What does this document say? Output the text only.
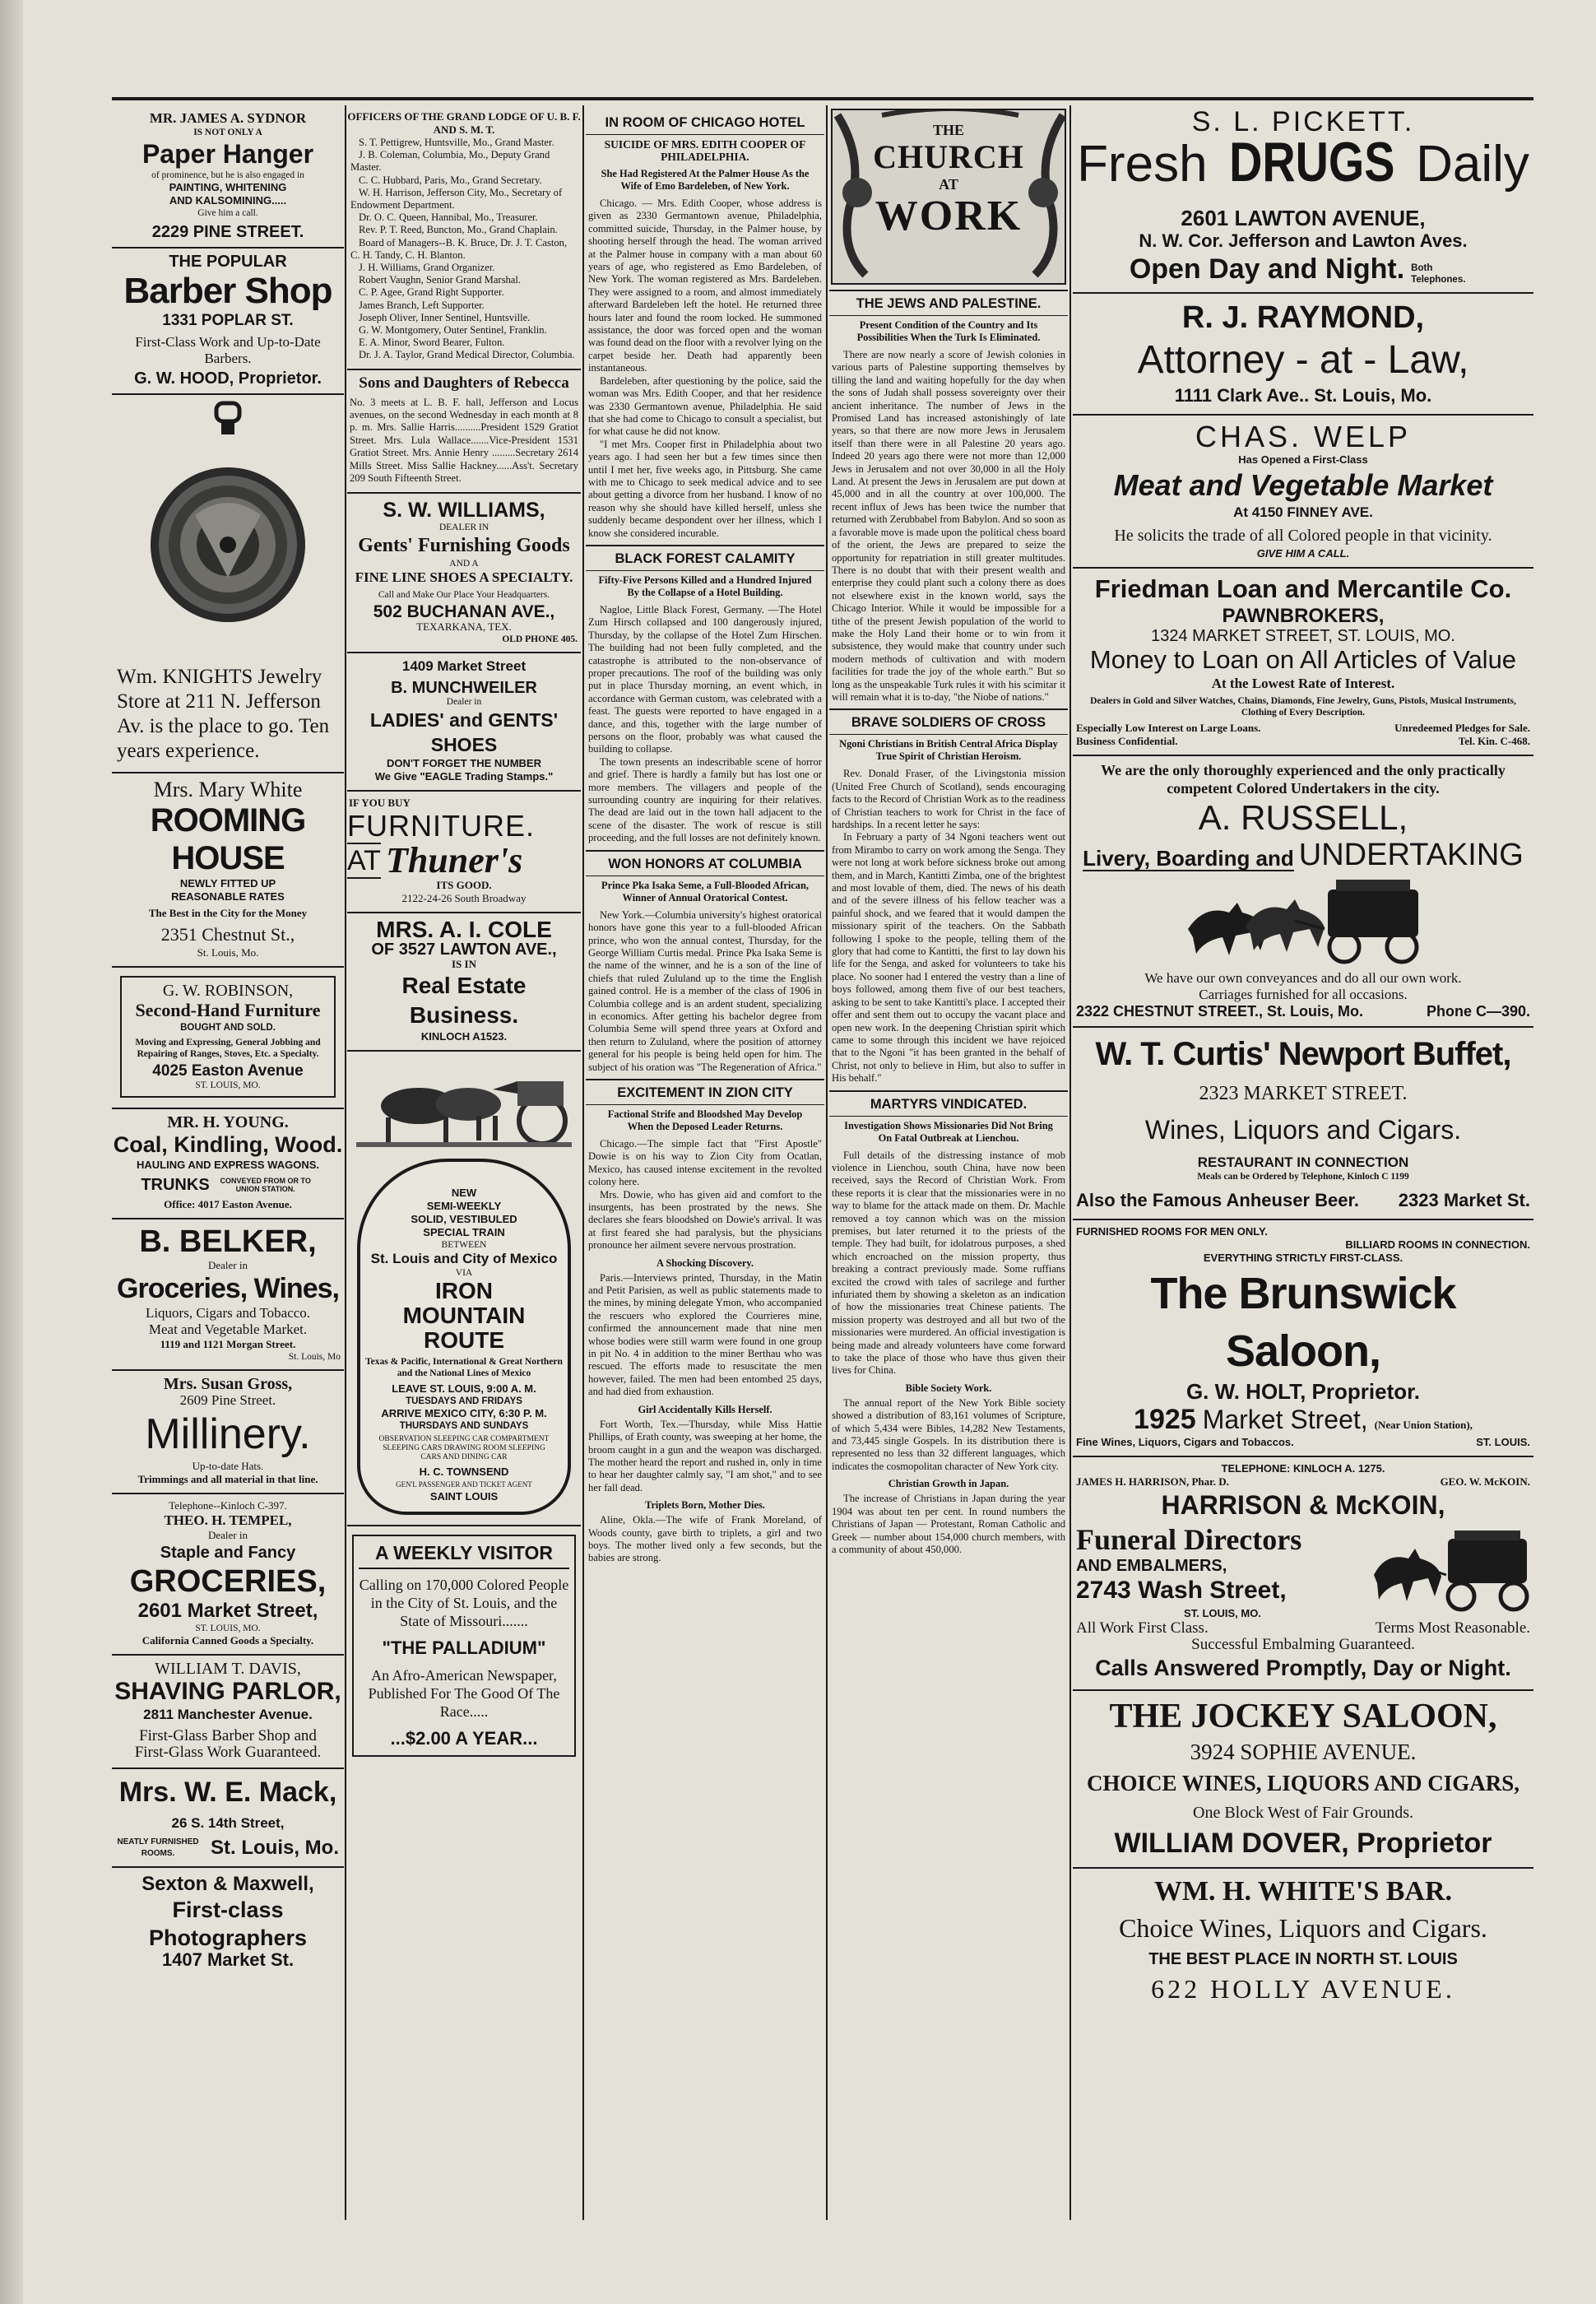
MR. JAMES A. SYDNOR
IS NOT ONLY A
Paper Hanger
of prominence, but he is also engaged in
PAINTING, WHITENING
AND KALSOMINING.....
Give him a call.
2229 PINE STREET.
THE POPULAR
Barber Shop
1331 POPLAR ST.
First-Class Work and Up-to-Date Barbers.
G. W. HOOD, Proprietor.
Wm. KNIGHTS Jewelry Store at 211 N. Jefferson Av. is the place to go. Ten years experience.
Mrs. Mary White
ROOMING HOUSE
NEWLY FITTED UP
REASONABLE RATES
The Best in the City for the Money
2351 Chestnut St.,
St. Louis, Mo.
G. W. ROBINSON,
Second-Hand Furniture
BOUGHT AND SOLD.
Moving and Expressing, General Jobbing and Repairing of Ranges, Stoves, Etc. a Specialty.
4025 Easton Avenue
ST. LOUIS, MO.
MR. H. YOUNG.
Coal, Kindling, Wood.
HAULING AND EXPRESS WAGONS.
TRUNKS	CONVEYED FROM OR TO UNION STATION.
Office: 4017 Easton Avenue.
B. BELKER,
Dealer in
Groceries, Wines,
Liquors, Cigars and Tobacco.
Meat and Vegetable Market.
1119 and 1121 Morgan Street.
St. Louis, Mo
Mrs. Susan Gross,
2609 Pine Street.
Millinery.
Up-to-date Hats.
Trimmings and all material in that line.
Telephone--Kinloch C-397.
THEO. H. TEMPEL,
Dealer in
Staple and Fancy
GROCERIES,
2601 Market Street,
ST. LOUIS, MO.
California Canned Goods a Specialty.
WILLIAM T. DAVIS,
SHAVING PARLOR,
2811 Manchester Avenue.
First-Glass Barber Shop and
First-Glass Work Guaranteed.
Mrs. W. E. Mack,
26 S. 14th Street,
NEATLY FURNISHED ROOMS.	St. Louis, Mo.
Sexton & Maxwell,
First-class Photographers
1407 Market St.
OFFICERS OF THE GRAND LODGE OF U. B. F. AND S. M. T.

S. T. Pettigrew, Huntsville, Mo., Grand Master.

J. B. Coleman, Columbia, Mo., Deputy Grand Master.

C. C. Hubbard, Paris, Mo., Grand Secretary.

W. H. Harrison, Jefferson City, Mo., Secretary of Endowment Department.

Dr. O. C. Queen, Hannibal, Mo., Treasurer.

Rev. P. T. Reed, Buncton, Mo., Grand Chaplain.

Board of Managers--B. K. Bruce, Dr. J. T. Caston, C. H. Tandy, C. H. Blanton.

J. H. Williams, Grand Organizer.

Robert Vaughn, Senior Grand Marshal.

C. P. Agee, Grand Right Supporter.

James Branch, Left Supporter.

Joseph Oliver, Inner Sentinel, Huntsville.

G. W. Montgomery, Outer Sentinel, Franklin.

E. A. Minor, Sword Bearer, Fulton.

Dr. J. A. Taylor, Grand Medical Director, Columbia.

Sons and Daughters of Rebecca

No. 3 meets at L. B. F. hall, Jefferson and Locus avenues, on the second Wednesday in each month at 8 p. m. Mrs. Sallie Harris..........President 1529 Gratiot Street. Mrs. Lula Wallace.......Vice-President 1531 Gratiot Street. Mrs. Annie Henry .........Secretary 2614 Mills Street. Miss Sallie Hackney......Ass't. Secretary 209 South Fifteenth Street.

S. W. WILLIAMS,
DEALER IN
Gents' Furnishing Goods
AND A
FINE LINE SHOES A SPECIALTY.
Call and Make Our Place Your Headquarters.
502 BUCHANAN AVE.,
TEXARKANA, TEX.
OLD PHONE 405.
1409 Market Street
B. MUNCHWEILER
Dealer in
LADIES' and GENTS' SHOES
DON'T FORGET THE NUMBER
We Give "EAGLE Trading Stamps."
IF YOU BUY
FURNITURE.
AT Thuner's
ITS GOOD.
2122-24-26 South Broadway
MRS. A. I. COLE
OF 3527 LAWTON AVE.,
IS IN
Real Estate Business.
KINLOCH A1523.
NEW
SEMI-WEEKLY
SOLID, VESTIBULED
SPECIAL TRAIN
BETWEEN
St. Louis and City of Mexico
VIA
IRON
MOUNTAIN
ROUTE
Texas & Pacific, International & Great Northern and the National Lines of Mexico
LEAVE ST. LOUIS, 9:00 A. M.
TUESDAYS AND FRIDAYS
ARRIVE MEXICO CITY, 6:30 P. M.
THURSDAYS AND SUNDAYS
OBSERVATION SLEEPING CAR COMPARTMENT SLEEPING CARS DRAWING ROOM SLEEPING CARS AND DINING CAR
H. C. TOWNSEND
GEN'L PASSENGER AND TICKET AGENT
SAINT LOUIS
A WEEKLY VISITOR
Calling on 170,000 Colored People in the City of St. Louis, and the State of Missouri.......
"THE PALLADIUM"
An Afro-American Newspaper, Published For The Good Of The Race.....
...$2.00 A YEAR...
IN ROOM OF CHICAGO HOTEL
SUICIDE OF MRS. EDITH COOPER OF PHILADELPHIA.
She Had Registered At the Palmer House As the Wife of Emo Bardeleben, of New York.

Chicago. — Mrs. Edith Cooper, whose address is given as 2330 Germantown avenue, Philadelphia, committed suicide, Thursday, in the Palmer house, by shooting herself through the head. The woman arrived at the Palmer house in company with a man about 60 years of age, who registered as Emo Bardeleben, of New York. The woman registered as Mrs. Bardeleben. They were assigned to a room, and almost immediately afterward Bardeleben left the hotel. He returned three hours later and found the room locked. He summoned assistance, the door was forced open and the woman was found dead on the floor with a revolver lying on the carpet beside her. Death had apparently been instantaneous.

Bardeleben, after questioning by the police, said the woman was Mrs. Edith Cooper, and that her residence was 2330 Germantown avenue, Philadelphia. He said that she had come to Chicago to consult a specialist, but for what cause he did not know.

"I met Mrs. Cooper first in Philadelphia about two years ago. I had seen her but a few times since then until I met her, five weeks ago, in Pittsburg. She came with me to Chicago to seek medical advice and to see about getting a divorce from her husband. I know of no reason why she should have killed herself, unless she suddenly became despondent over her illness, which I know she considered incurable.

BLACK FOREST CALAMITY
Fifty-Five Persons Killed and a Hundred Injured By the Collapse of a Hotel Building.

Nagloe, Little Black Forest, Germany. —The Hotel Zum Hirsch collapsed and 100 dangerously injured, Thursday, by the collapse of the Hotel Zum Hirschen. The building had not been fully completed, and the catastrophe is attributed to the non-observance of proper precautions. The roof of the building was only put in place Thursday morning, an event which, in accordance with German custom, was celebrated with a feast. The guests were reported to have engaged in a dance, and this, together with the large number of persons on the floor, probably was what caused the building to collapse.

The town presents an indescribable scene of horror and grief. There is hardly a family but has lost one or more members. The villagers and people of the surrounding country are inquiring for their relatives. The dead are laid out in the town hall adjacent to the scene of the disaster. The work of rescue is still proceeding, and the full losses are not definitely known.

WON HONORS AT COLUMBIA
Prince Pka Isaka Seme, a Full-Blooded African, Winner of Annual Oratorical Contest.

New York.—Columbia university's highest oratorical honors have gone this year to a full-blooded African prince, who won the annual contest, Thursday, for the George William Curtis medal. Prince Pka Isaka Seme is the name of the winner, and he is a son of the line of chiefs that ruled Zululand up to the time the English gained control. He is a member of the class of 1906 in Columbia college and is an ardent student, specializing in economics. After getting his bachelor degree from Columbia Seme will spend three years at Oxford and then return to Zululand, where the position of attorney general for his people is being held open for him. The subject of his oration was "The Regeneration of Africa."

EXCITEMENT IN ZION CITY
Factional Strife and Bloodshed May Develop When the Deposed Leader Returns.

Chicago.—The simple fact that "First Apostle" Dowie is on his way to Zion City from Ocatlan, Mexico, has caused intense excitement in the revolted colony here.

Mrs. Dowie, who has given aid and comfort to the insurgents, has been prostrated by the news. She declares she fears bloodshed on Dowie's arrival. It was at first feared she had paralysis, but the physicians pronounce her ailment severe nervous prostration.

A Shocking Discovery.

Paris.—Interviews printed, Thursday, in the Matin and Petit Parisien, as well as public statements made to the mines, by mining delegate Ymon, who accompanied the rescuers who explored the Courrieres mine, confirmed the announcement made that nine men whose bodies were still warm were found in one group in pit No. 4 in addition to the miner Berthau who was rescued. The efforts made to resuscitate the men however, failed. The men had been entombed 25 days, and had died from exhaustion.

Girl Accidentally Kills Herself.

Fort Worth, Tex.—Thursday, while Miss Hattie Phillips, of Erath county, was sweeping at her home, the broom caught in a gun and the weapon was discharged. The mother heard the report and rushed in, only in time to hear her daughter calmly say, "I am shot," and to see her fall dead.

Triplets Born, Mother Dies.

Aline, Okla.—The wife of Frank Moreland, of Woods county, gave birth to triplets, a girl and two boys. The mother lived only a few seconds, but the babies are strong.

THE
CHURCH
AT
WORK
THE JEWS AND PALESTINE.
Present Condition of the Country and Its Possibilities When the Turk Is Eliminated.

There are now nearly a score of Jewish colonies in various parts of Palestine supporting themselves by tilling the land and waiting hopefully for the day when the sons of Judah shall possess sovereignty over their ancient inheritance. The number of Jews in the Promised Land has increased astonishingly of late years, so that there are now more Jews in Jerusalem itself than there were in all Palestine 20 years ago. Indeed 20 years ago there were not more than 12,000 Jews in Jerusalem and not over 30,000 in all the Holy Land. At present the Jews in Jerusalem are put down at 45,000 and in all the country at over 100,000. The recent influx of Jews has been twice the number that returned with Zerubbabel from Babylon. And so soon as a favorable move is made upon the political chess board of the orient, the Jews are prepared to seize the opportunity for repatriation in still greater multitudes. There is no doubt that with their present wealth and enterprise they could plant such a colony there as does not elsewhere exist in the known world, says the Chicago Interior. While it would be impossible for a tithe of the present Jewish population of the world to make the Holy Land their home or to win from it subsistence, they would make that country under such modern methods of cultivation and with modern facilities for trade the joy of the whole earth." But so long as the unspeakable Turk rules it with his scimitar it will remain what it is to-day, "the Niobe of nations."

BRAVE SOLDIERS OF CROSS
Ngoni Christians in British Central Africa Display True Spirit of Christian Heroism.

Rev. Donald Fraser, of the Livingstonia mission (United Free Church of Scotland), sends encouraging facts to the Record of Christian Work as to the readiness of Christian teachers to work for Christ in the face of hardships. In a recent letter he says:

In February a party of 34 Ngoni teachers went out from Mirambo to carry on work among the Senga. They were not long at work before sickness broke out among them, and in March, Kantitti Zimba, one of the brightest and most lovable of them, died. The news of his death and of the severe illness of his fellow teacher was a painful shock, and we feared that it would dampen the missionary spirit of the teachers. On the Sabbath following I spoke to the people, telling them of the glory that had come to Kantitti, the first to lay down his life for the Senga, and asked for volunteers to take his place. No sooner had I entered the vestry than a line of boys followed, among them five of our best teachers, asking to be sent to take Kantitti's place. I accepted their offer and sent them out to occupy the vacant place and open new work. In the deepening Christian spirit which came to some through this incident we have rejoiced that to the Ngoni "it has been granted in the behalf of Christ, not only to believe in Him, but also to suffer in His behalf."

MARTYRS VINDICATED.
Investigation Shows Missionaries Did Not Bring On Fatal Outbreak at Lienchou.

Full details of the distressing instance of mob violence in Lienchou, south China, have now been received, says the Record of Christian Work. From these reports it is clear that the missionaries were in no way to blame for the attack made on them. Dr. Machle removed a toy cannon which was on the mission premises, but later returned it to the priests of the temple. They had built, for idolatrous purposes, a shed which encroached on the mission property, thus breaking a contract previously made. Some ruffians excited the crowd with tales of sacrilege and further infuriated them by showing a skeleton as an indication of how the missionaries treat Chinese patients. The mission property was destroyed and all but two of the missionaries were murdered. An official investigation is being made and already volunteers have come forward to take the place of those who have thus given their lives for China.

Bible Society Work.

The annual report of the New York Bible society showed a distribution of 83,161 volumes of Scripture, of which 5,434 were Bibles, 14,282 New Testaments, and 73,445 single Gospels. In its distribution there is represented no less than 32 different languages, which indicates the cosmopolitan character of New York city.

Christian Growth in Japan.

The increase of Christians in Japan during the year 1904 was about ten per cent. In round numbers the Christians of Japan — Protestant, Roman Catholic and Greek — number about 154,000 church members, with a community of about 450,000.

S. L. PICKETT.
Fresh DRUGS Daily
2601 LAWTON AVENUE,
N. W. Cor. Jefferson and Lawton Aves.
Open Day and Night. Both Telephones.
R. J. RAYMOND,
Attorney - at - Law,
1111 Clark Ave.. St. Louis, Mo.
CHAS. WELP
Has Opened a First-Class
Meat and Vegetable Market
At 4150 FINNEY AVE.
He solicits the trade of all Colored people in that vicinity.
GIVE HIM A CALL.
Friedman Loan and Mercantile Co.
PAWNBROKERS,
1324 MARKET STREET, ST. LOUIS, MO.
Money to Loan on All Articles of Value
At the Lowest Rate of Interest.
Dealers in Gold and Silver Watches, Chains, Diamonds, Fine Jewelry, Guns, Pistols, Musical Instruments, Clothing of Every Description.
Especially Low Interest on Large Loans.
Business Confidential.
Unredeemed Pledges for Sale.
Tel. Kin. C-468.
We are the only thoroughly experienced and the only practically competent Colored Undertakers in the city.
A. RUSSELL,
Livery, Boarding and UNDERTAKING
We have our own conveyances and do all our own work.
Carriages furnished for all occasions.
2322 CHESTNUT STREET., St. Louis, Mo.	Phone C—390.
W. T. Curtis' Newport Buffet,
2323 MARKET STREET.
Wines, Liquors and Cigars.
RESTAURANT IN CONNECTION
Meals can be Ordered by Telephone, Kinloch C 1199
Also the Famous Anheuser Beer. 2323 Market St.
FURNISHED ROOMS FOR MEN ONLY.
BILLIARD ROOMS IN CONNECTION.
EVERYTHING STRICTLY FIRST-CLASS.
The Brunswick Saloon,
G. W. HOLT, Proprietor.
1925 Market Street, (Near Union Station),
Fine Wines, Liquors, Cigars and Tobaccos.	ST. LOUIS.
TELEPHONE: KINLOCH A. 1275.
JAMES H. HARRISON, Phar. D.	GEO. W. McKOIN.
HARRISON & McKOIN,
Funeral Directors
AND EMBALMERS,
2743 Wash Street,
ST. LOUIS, MO.
All Work First Class.	Terms Most Reasonable.
Successful Embalming Guaranteed.
Calls Answered Promptly, Day or Night.
THE JOCKEY SALOON,
3924 SOPHIE AVENUE.
CHOICE WINES, LIQUORS AND CIGARS,
One Block West of Fair Grounds.
WILLIAM DOVER, Proprietor
WM. H. WHITE'S BAR.
Choice Wines, Liquors and Cigars.
THE BEST PLACE IN NORTH ST. LOUIS
622 HOLLY AVENUE.
